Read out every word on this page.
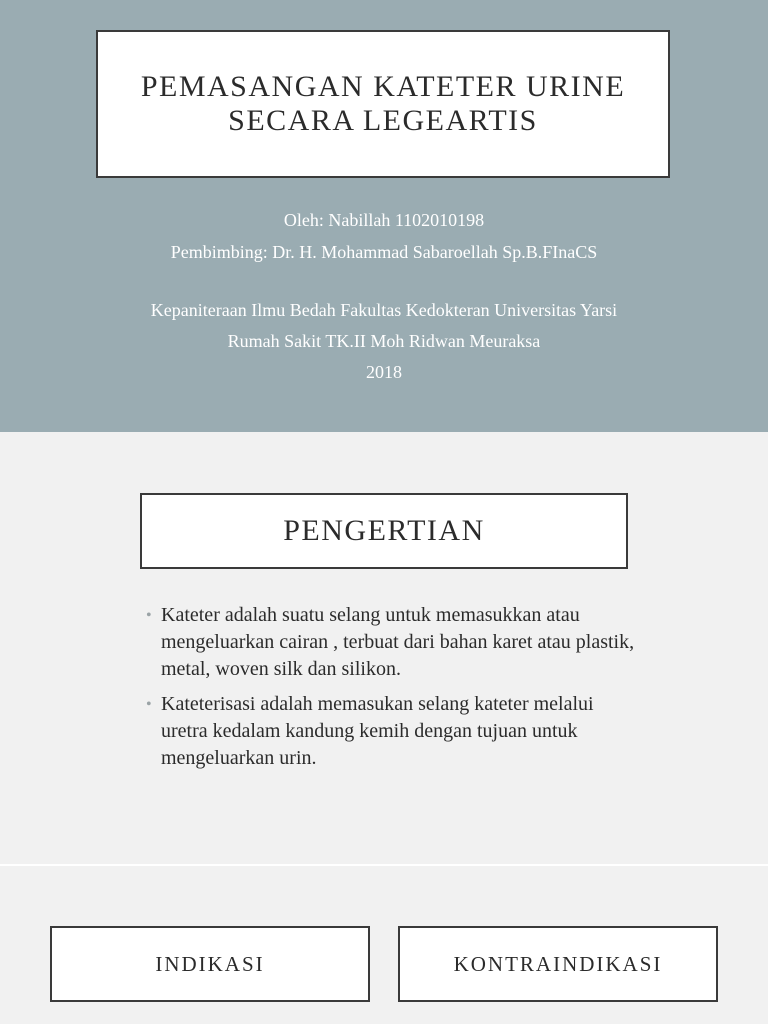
PEMASANGAN KATETER URINE
SECARA LEGEARTIS
Oleh: Nabillah 1102010198
Pembimbing: Dr. H. Mohammad Sabaroellah Sp.B.FInaCS
Kepaniteraan Ilmu Bedah Fakultas Kedokteran Universitas Yarsi
Rumah Sakit TK.II Moh Ridwan Meuraksa
2018
PENGERTIAN
• Kateter adalah suatu selang untuk memasukkan atau mengeluarkan cairan , terbuat dari bahan karet atau plastik, metal, woven silk dan silikon.
• Kateterisasi adalah memasukan selang kateter melalui uretra kedalam kandung kemih dengan tujuan untuk mengeluarkan urin.
INDIKASI	KONTRAINDIKASI
